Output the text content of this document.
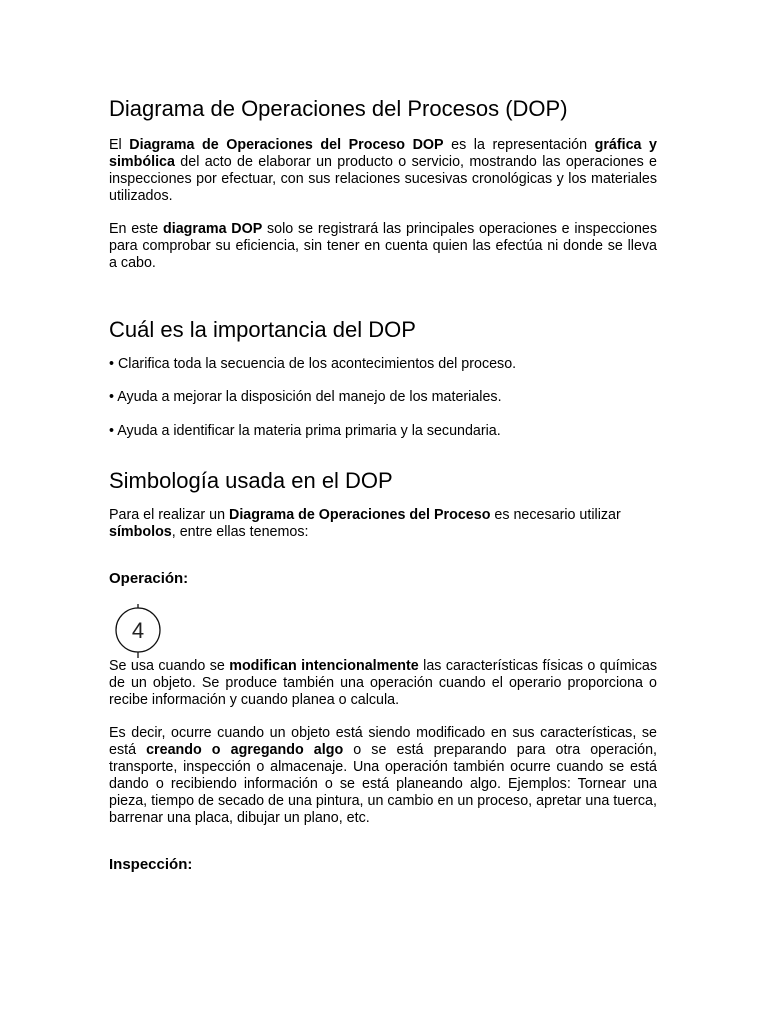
Diagrama de Operaciones del Procesos (DOP)

El Diagrama de Operaciones del Proceso DOP es la representación gráfica y simbólica del acto de elaborar un producto o servicio, mostrando las operaciones e inspecciones por efectuar, con sus relaciones sucesivas cronológicas y los materiales utilizados.

En este diagrama DOP solo se registrará las principales operaciones e inspecciones para comprobar su eficiencia, sin tener en cuenta quien las efectúa ni donde se lleva a cabo.

Cuál es la importancia del DOP

• Clarifica toda la secuencia de los acontecimientos del proceso.

• Ayuda a mejorar la disposición del manejo de los materiales.

• Ayuda a identificar la materia prima primaria y la secundaria.

Simbología usada en el DOP

Para el realizar un Diagrama de Operaciones del Proceso es necesario utilizar símbolos, entre ellas tenemos:

Operación:
4

Se usa cuando se modifican intencionalmente las características físicas o químicas de un objeto. Se produce también una operación cuando el operario proporciona o recibe información y cuando planea o calcula.

Es decir, ocurre cuando un objeto está siendo modificado en sus características, se está creando o agregando algo o se está preparando para otra operación, transporte, inspección o almacenaje. Una operación también ocurre cuando se está dando o recibiendo información o se está planeando algo. Ejemplos: Tornear una pieza, tiempo de secado de una pintura, un cambio en un proceso, apretar una tuerca, barrenar una placa, dibujar un plano, etc.

Inspección:
